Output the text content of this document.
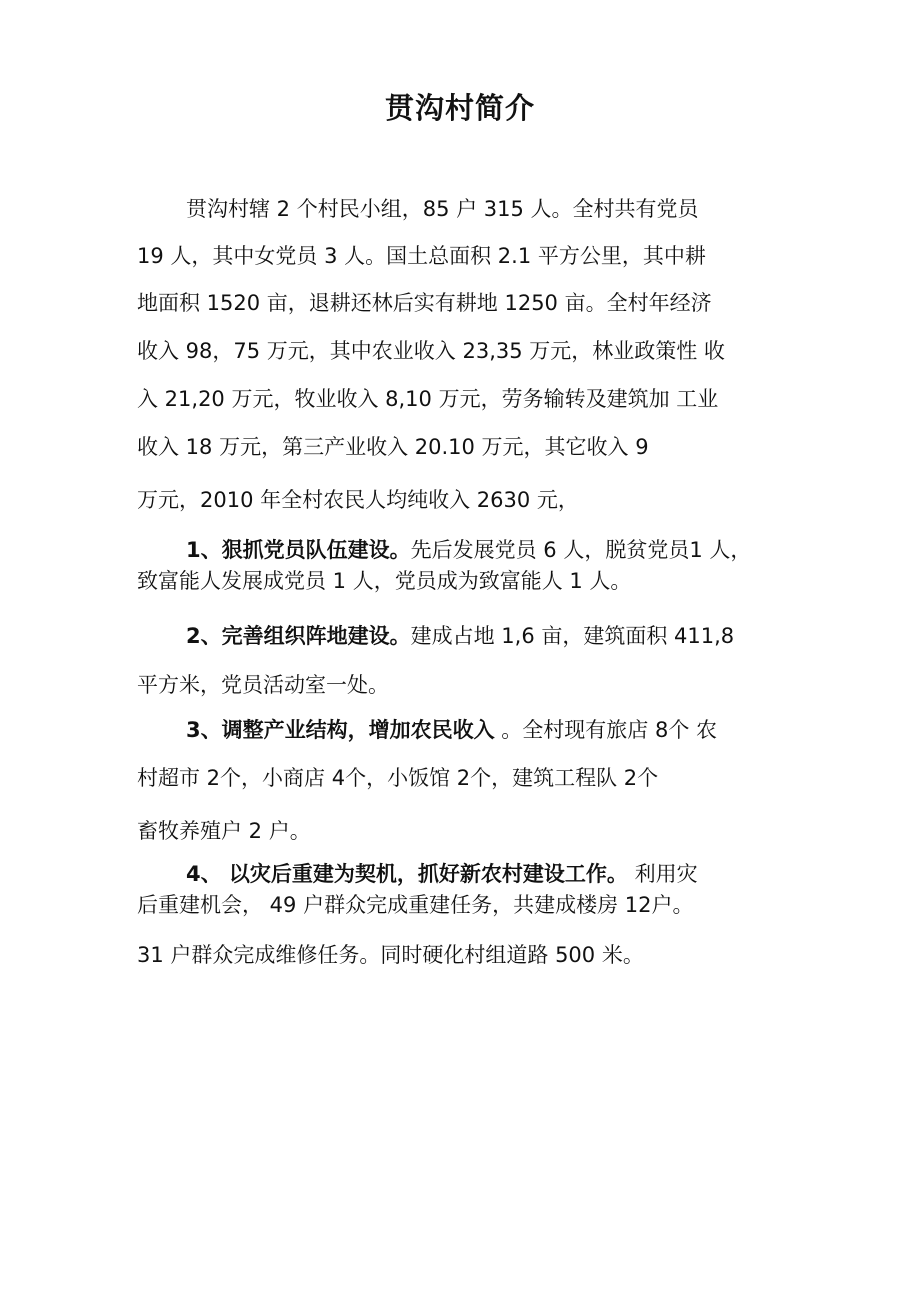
贯沟村简介
贯沟村辖 2 个村民小组，85 户 315 人。全村共有党员
19 人，其中女党员 3 人。国土总面积 2.1 平方公里，其中耕
地面积 1520 亩，退耕还林后实有耕地 1250 亩。全村年经济
收入 98，75 万元，其中农业收入 23,35 万元，林业政策性 收
入 21,20 万元，牧业收入 8,10 万元，劳务输转及建筑加 工业
收入 18 万元，第三产业收入 20.10 万元，其它收入 9
万元，2010 年全村农民人均纯收入 2630 元，
1、狠抓党员队伍建设。先后发展党员 6 人，脱贫党员1 人，
致富能人发展成党员 1 人，党员成为致富能人 1 人。
2、完善组织阵地建设。建成占地 1,6 亩，建筑面积 411,8
平方米，党员活动室一处。
3、调整产业结构，增加农民收入 。全村现有旅店 8个 农
村超市 2个，小商店 4个，小饭馆 2个，建筑工程队 2个
畜牧养殖户 2 户。
4、 以灾后重建为契机，抓好新农村建设工作。 利用灾
后重建机会， 49 户群众完成重建任务，共建成楼房 12户。
31 户群众完成维修任务。同时硬化村组道路 500 米。
